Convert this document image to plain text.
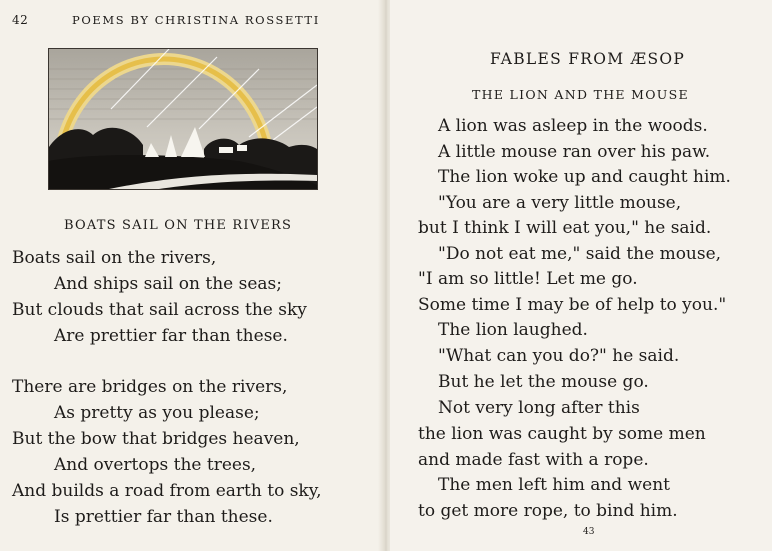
42	POEMS BY CHRISTINA ROSSETTI
BOATS SAIL ON THE RIVERS
Boats sail on the rivers,
And ships sail on the seas;
But clouds that sail across the sky
Are prettier far than these.
There are bridges on the rivers,
As pretty as you please;
But the bow that bridges heaven,
And overtops the trees,
And builds a road from earth to sky,
Is prettier far than these.
FABLES FROM ÆSOP
THE LION AND THE MOUSE
A lion was asleep in the woods.
A little mouse ran over his paw.
The lion woke up and caught him.
"You are a very little mouse,
but I think I will eat you," he said.
"Do not eat me," said the mouse,
"I am so little! Let me go.
Some time I may be of help to you."
The lion laughed.
"What can you do?" he said.
But he let the mouse go.
Not very long after this
the lion was caught by some men
and made fast with a rope.
The men left him and went
to get more rope, to bind him.
43
